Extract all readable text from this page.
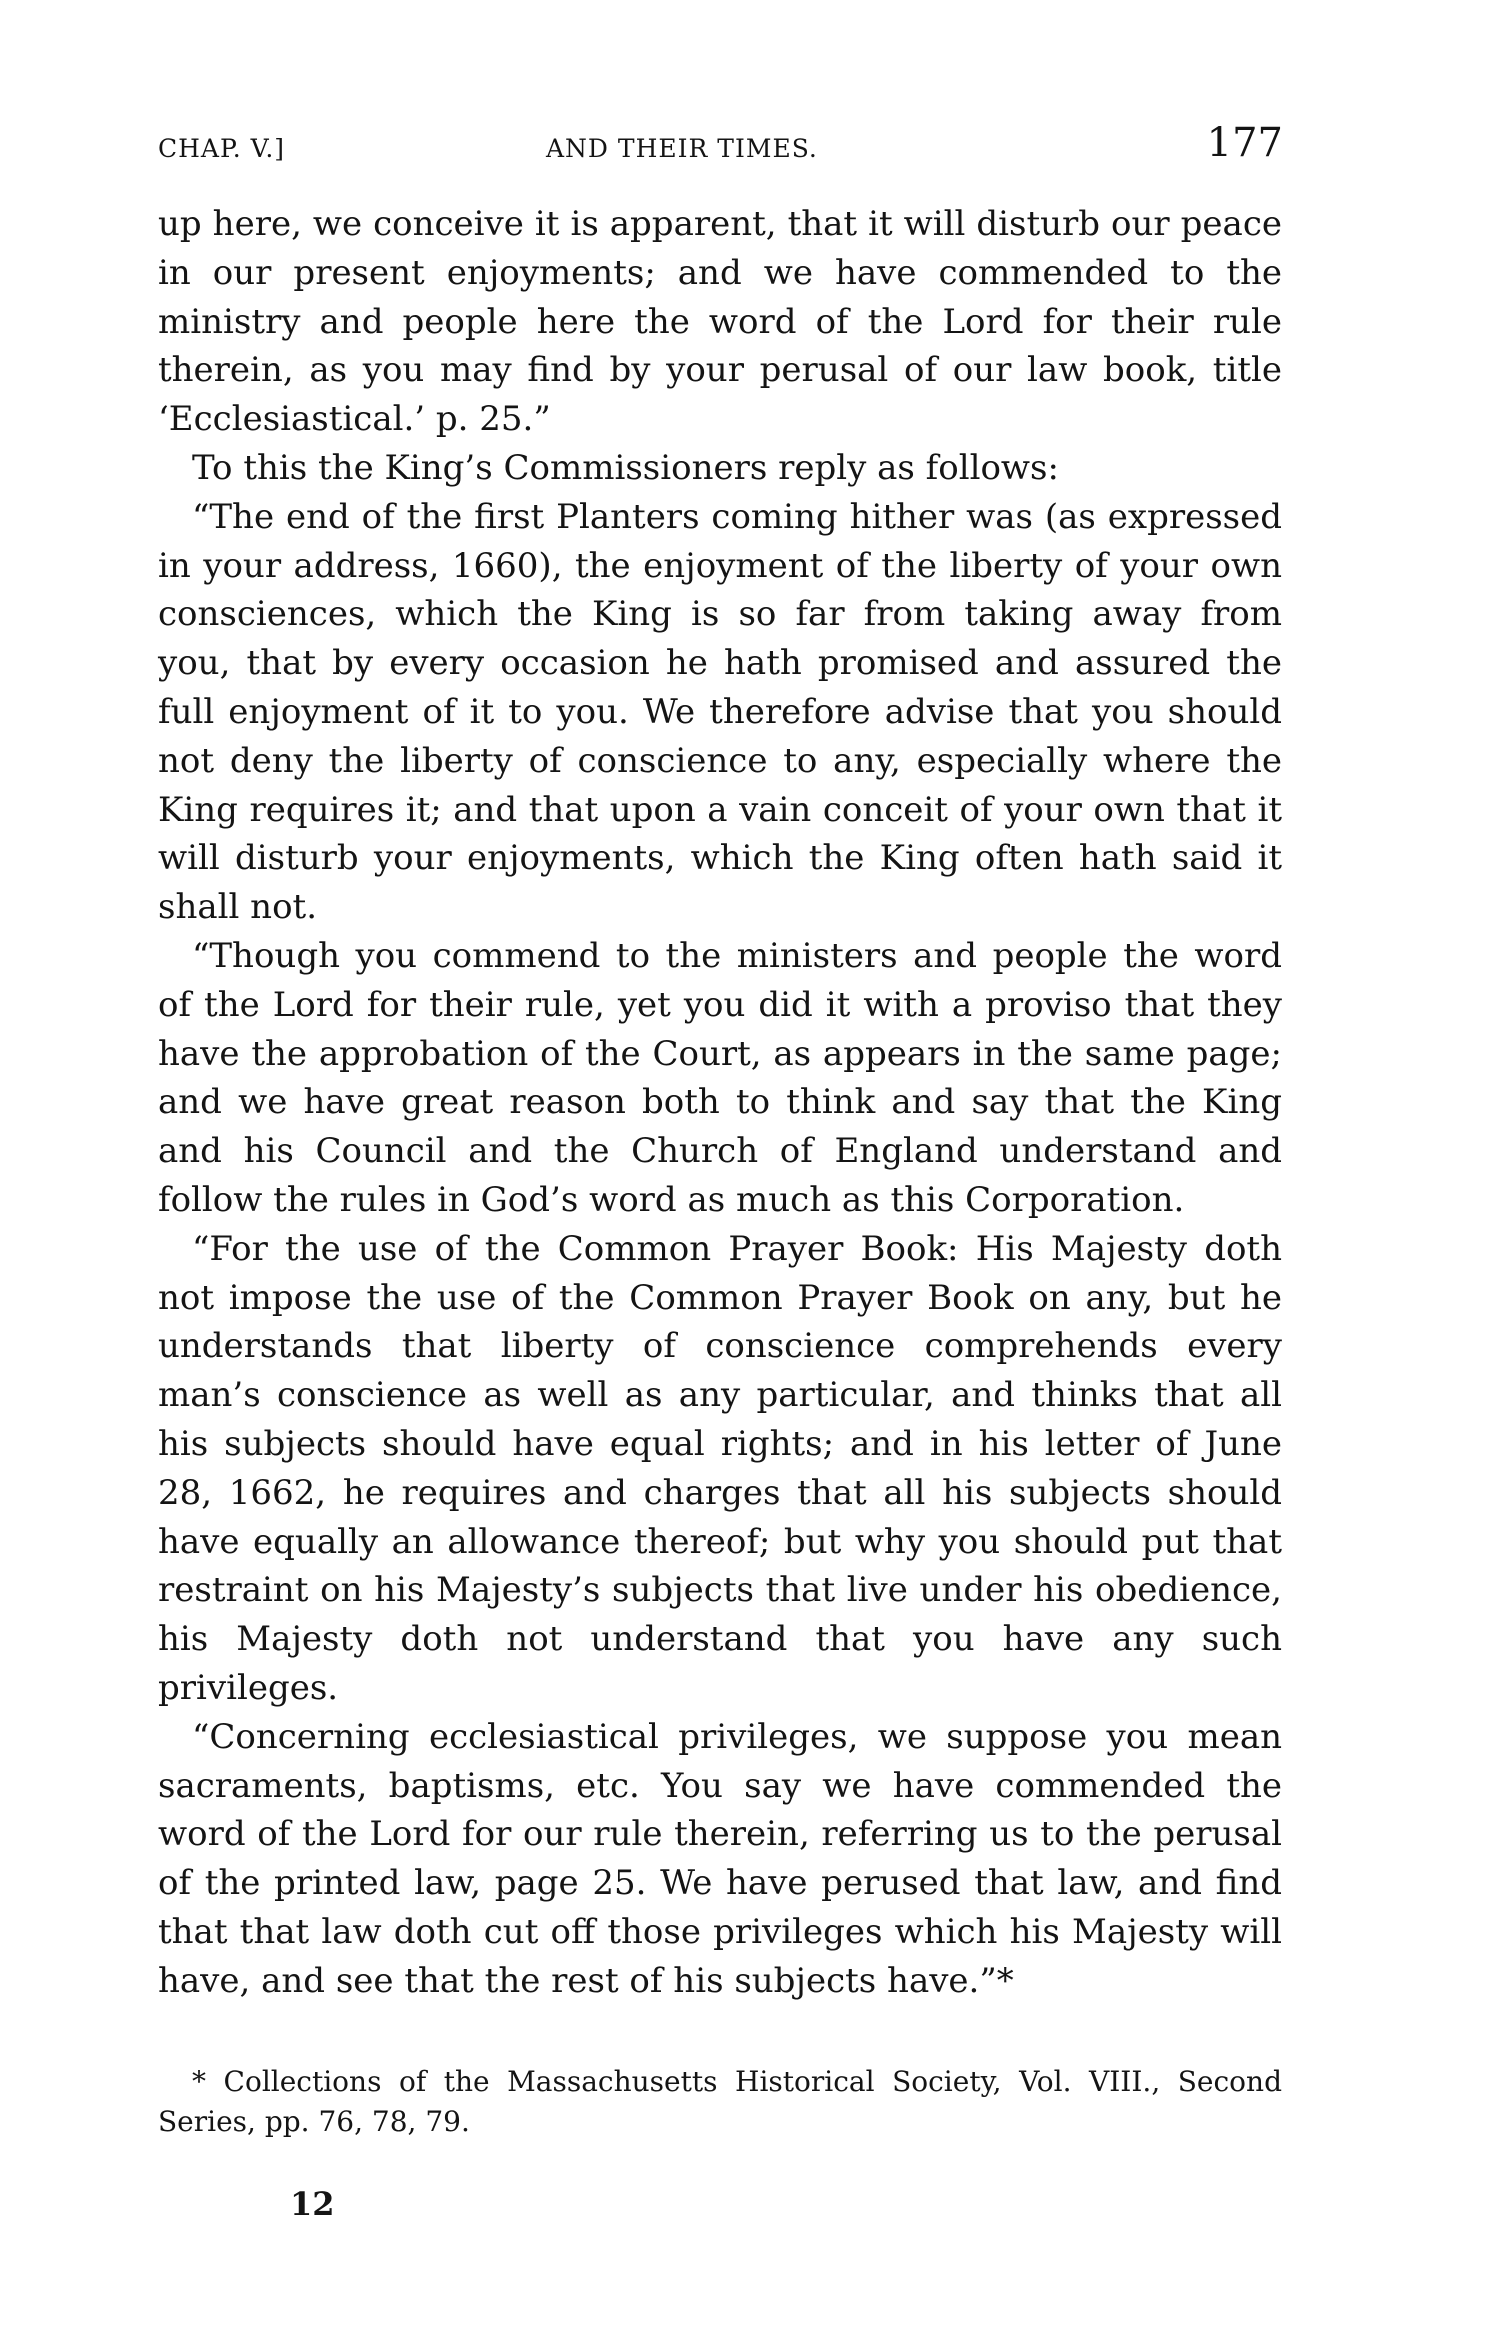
CHAP. V.]	AND THEIR TIMES.	177

up here, we conceive it is apparent, that it will disturb our peace in our present enjoyments; and we have commended to the ministry and people here the word of the Lord for their rule therein, as you may find by your perusal of our law book, title ‘Ecclesiastical.’ p. 25.”

To this the King’s Commissioners reply as follows:

“The end of the first Planters coming hither was (as expressed in your address, 1660), the enjoyment of the liberty of your own consciences, which the King is so far from taking away from you, that by every occasion he hath promised and assured the full enjoyment of it to you. We therefore advise that you should not deny the liberty of conscience to any, especially where the King requires it; and that upon a vain conceit of your own that it will disturb your enjoyments, which the King often hath said it shall not.

“Though you commend to the ministers and people the word of the Lord for their rule, yet you did it with a proviso that they have the approbation of the Court, as appears in the same page; and we have great reason both to think and say that the King and his Council and the Church of England understand and follow the rules in God’s word as much as this Corporation.

“For the use of the Common Prayer Book: His Majesty doth not impose the use of the Common Prayer Book on any, but he understands that liberty of conscience comprehends every man’s conscience as well as any particular, and thinks that all his subjects should have equal rights; and in his letter of June 28, 1662, he requires and charges that all his subjects should have equally an allowance thereof; but why you should put that restraint on his Majesty’s subjects that live under his obedience, his Majesty doth not understand that you have any such privileges.

“Concerning ecclesiastical privileges, we suppose you mean sacraments, baptisms, etc. You say we have commended the word of the Lord for our rule therein, referring us to the perusal of the printed law, page 25. We have perused that law, and find that that law doth cut off those privileges which his Majesty will have, and see that the rest of his subjects have.”*

* Collections of the Massachusetts Historical Society, Vol. VIII., Second Series, pp. 76, 78, 79.

12
